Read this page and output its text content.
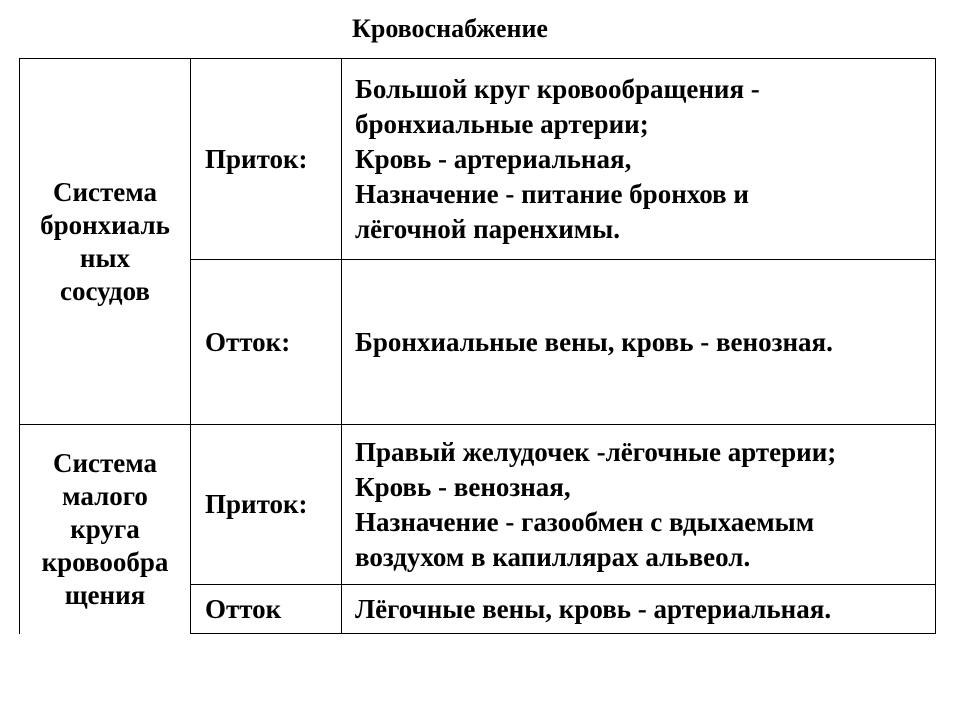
Кровоснабжение
Система
бронхиаль
ных
сосудов
Приток:
Большой круг кровообращения -
бронхиальные артерии;
Кровь - артериальная,
Назначение - питание бронхов и
лёгочной паренхимы.
Отток:	Бронхиальные вены, кровь - венозная.
Система
малого
круга
кровообра
щения
Приток:
Правый желудочек -лёгочные артерии;
Кровь - венозная,
Назначение - газообмен с вдыхаемым
воздухом в капиллярах альвеол.
Отток	Лёгочные вены, кровь - артериальная.
